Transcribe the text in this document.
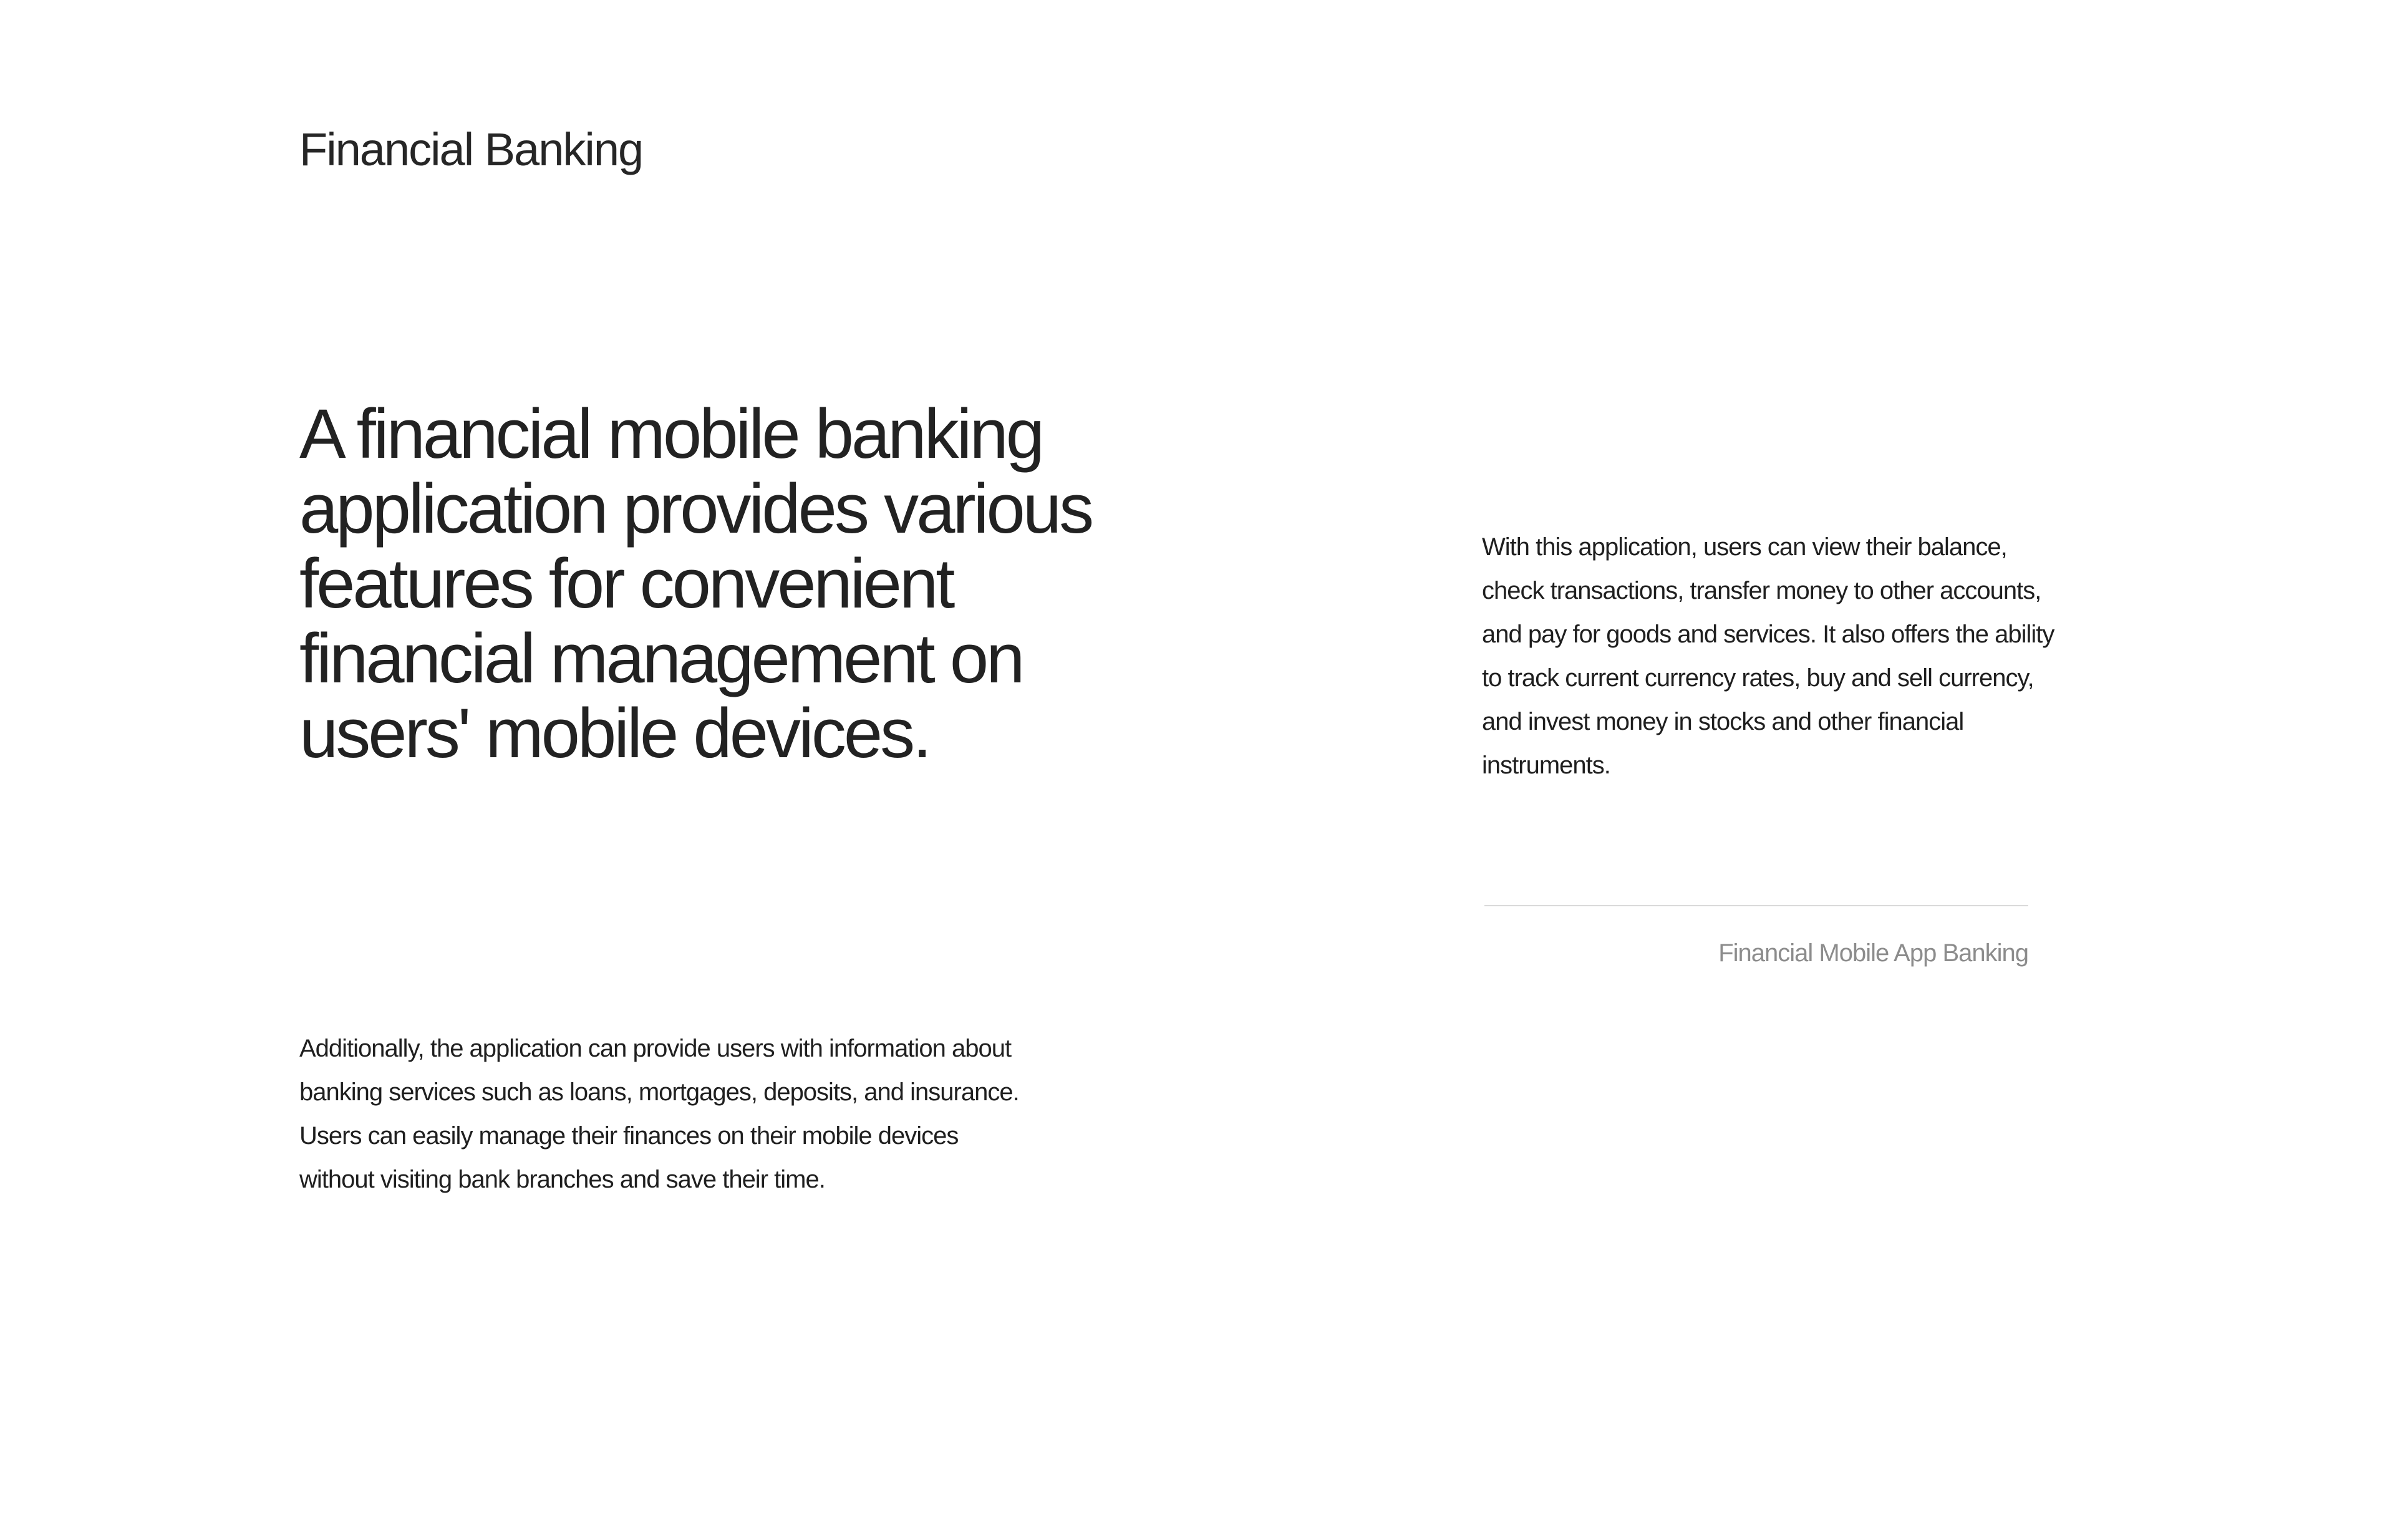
Financial Banking
A financial mobile banking application provides various features for convenient financial management on users' mobile devices.

With this application, users can view their balance, check transactions, transfer money to other accounts, and pay for goods and services. It also offers the ability to track current currency rates, buy and sell currency, and invest money in stocks and other financial instruments.

Financial Mobile App Banking

Additionally, the application can provide users with information about banking services such as loans, mortgages, deposits, and insurance. Users can easily manage their finances on their mobile devices without visiting bank branches and save their time.
